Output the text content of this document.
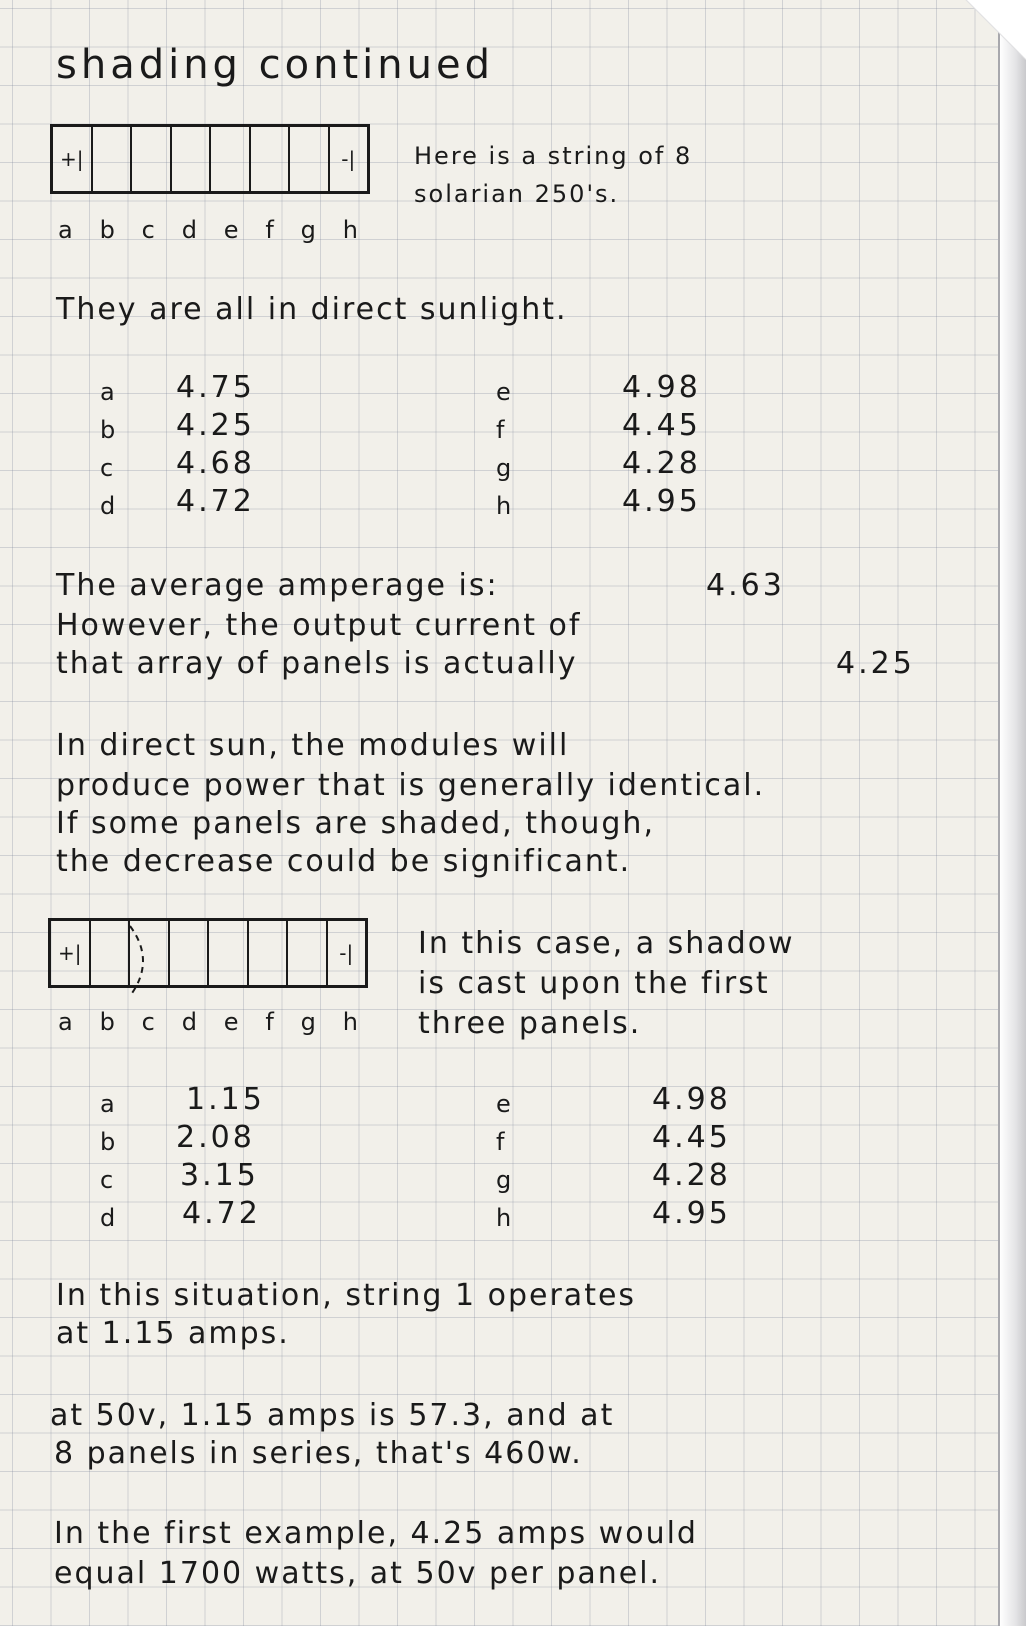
shading continued
+|	-|
a b c d e f g h
Here is a string of 8
solarian 250's.
They are all in direct sunlight.
a 4.75
b 4.25
c 4.68
d 4.72
e	4.98
f	4.45
g	4.28
h	4.95
The average amperage is:	4.63
However, the output current of
that array of panels is actually	4.25
In direct sun, the modules will
produce power that is generally identical.
If some panels are shaded, though,
the decrease could be significant.
+|	-|
a b c d e f g h
In this case, a shadow
is cast upon the first
three panels.
a 1.15
b 2.08
c 3.15
d 4.72
e	4.98
f	4.45
g	4.28
h	4.95
In this situation, string 1 operates
at 1.15 amps.
at 50v, 1.15 amps is 57.3, and at
8 panels in series, that's 460w.
In the first example, 4.25 amps would
equal 1700 watts, at 50v per panel.
